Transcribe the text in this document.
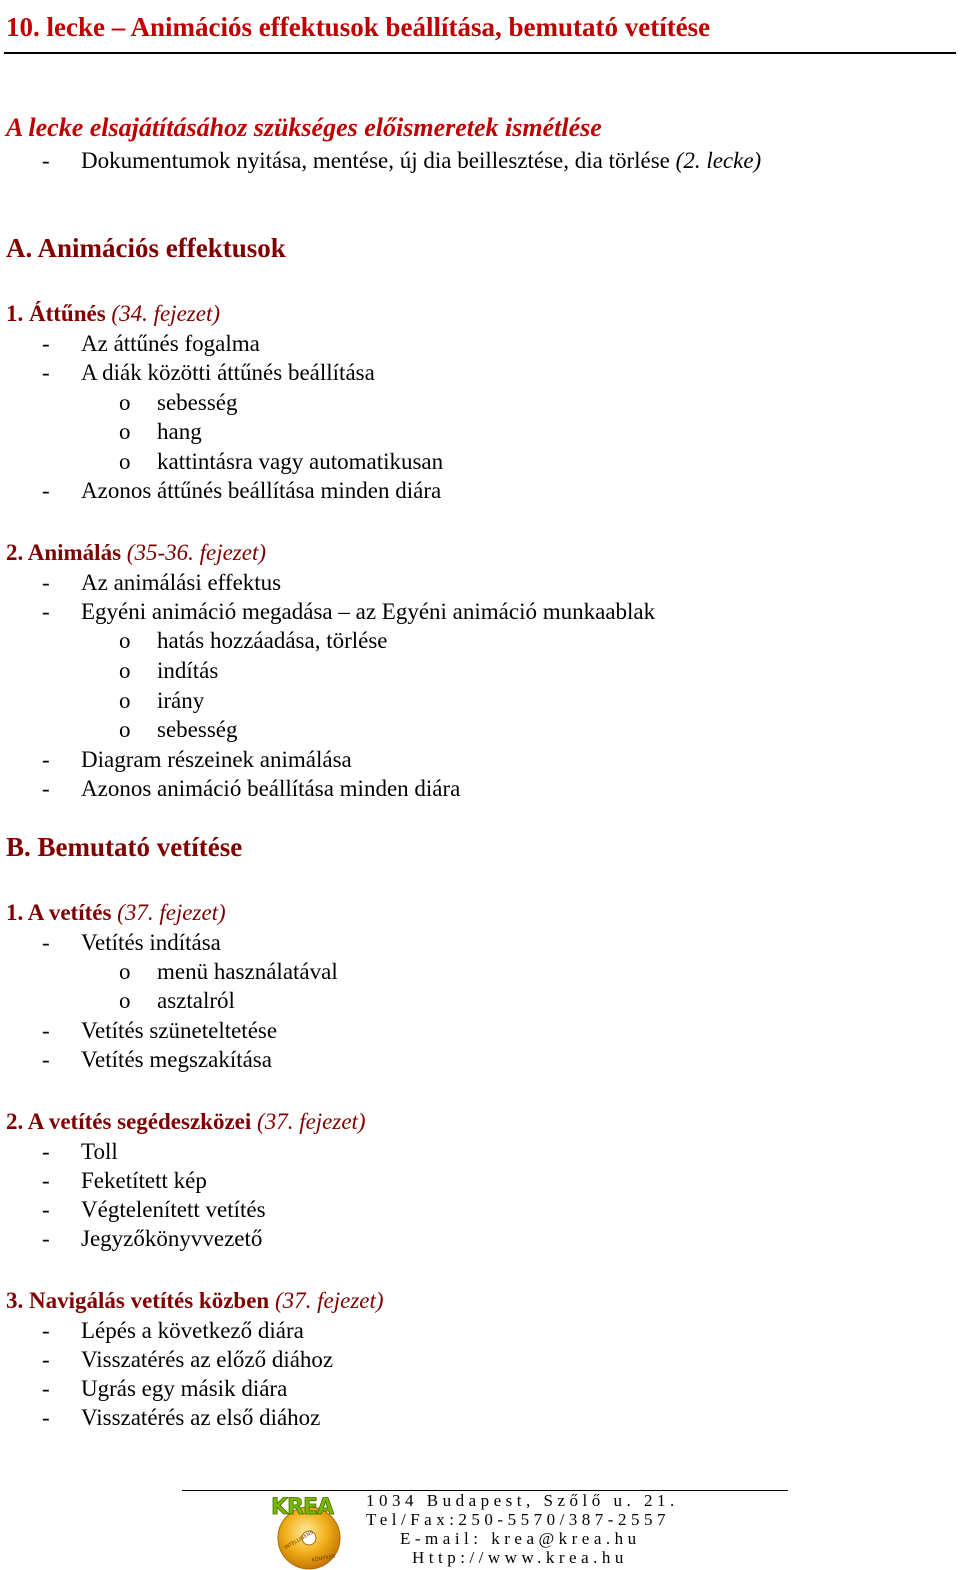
10. lecke – Animációs effektusok beállítása, bemutató vetítése
A lecke elsajátításához szükséges előismeretek ismétlése
- Dokumentumok nyitása, mentése, új dia beillesztése, dia törlése (2. lecke)
A. Animációs effektusok
1. Áttűnés (34. fejezet)
- Az áttűnés fogalma
- A diák közötti áttűnés beállítása
o sebesség
o hang
o kattintásra vagy automatikusan
- Azonos áttűnés beállítása minden diára
2. Animálás (35-36. fejezet)
- Az animálási effektus
- Egyéni animáció megadása – az Egyéni animáció munkaablak
o hatás hozzáadása, törlése
o indítás
o irány
o sebesség
- Diagram részeinek animálása
- Azonos animáció beállítása minden diára
B. Bemutató vetítése
1. A vetítés (37. fejezet)
- Vetítés indítása
o menü használatával
o asztalról
- Vetítés szüneteltetése
- Vetítés megszakítása
2. A vetítés segédeszközei (37. fejezet)
- Toll
- Feketített kép
- Végtelenített vetítés
- Jegyzőkönyvvezető
3. Navigálás vetítés közben (37. fejezet)
- Lépés a következő diára
- Visszatérés az előző diához
- Ugrás egy másik diára
- Visszatérés az első diához
INTELLIGENS
KÖNYVEK
KREA 1034 Budapest, Szőlő u. 21.
Tel/Fax:250-5570/387-2557
E-mail: krea@krea.hu
Http://www.krea.hu
